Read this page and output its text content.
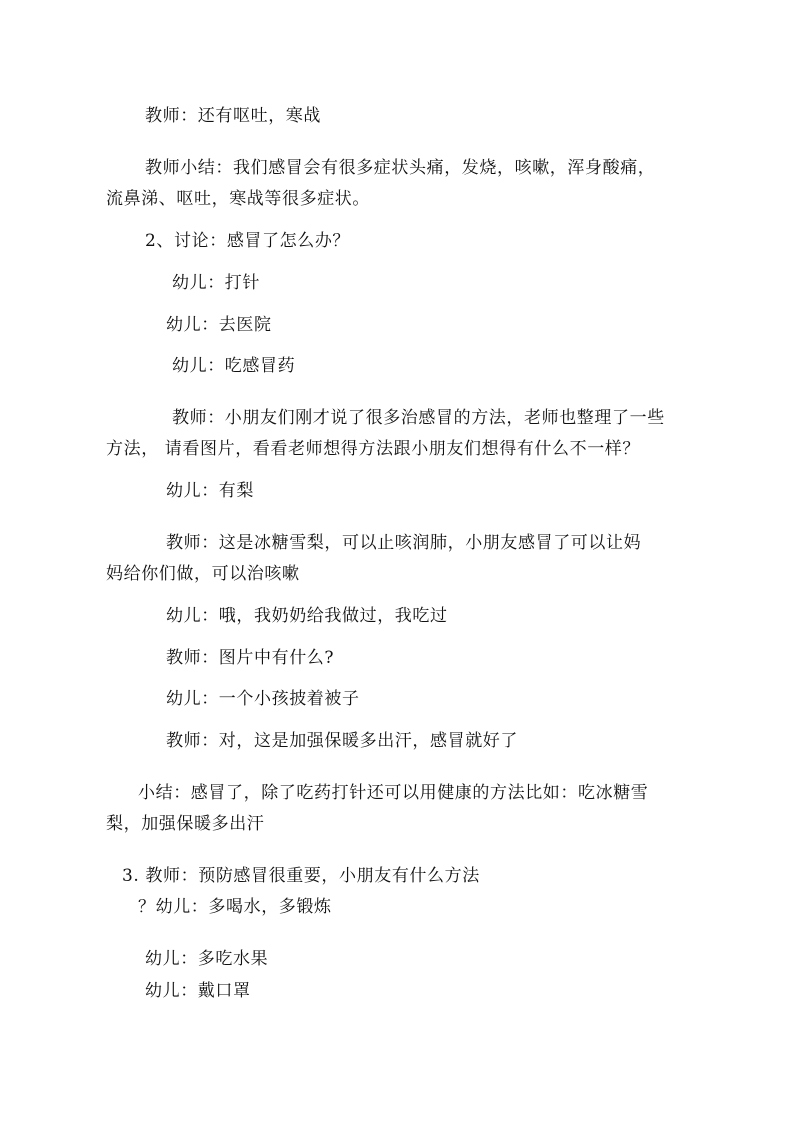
教师：还有呕吐，寒战
教师小结：我们感冒会有很多症状头痛，发烧，咳嗽，浑身酸痛，
流鼻涕、呕吐，寒战等很多症状。
2、讨论：感冒了怎么办？
幼儿：打针
幼儿：去医院
幼儿：吃感冒药
教师：小朋友们刚才说了很多治感冒的方法，老师也整理了一些
方法， 请看图片，看看老师想得方法跟小朋友们想得有什么不一样？
幼儿：有梨
教师：这是冰糖雪梨，可以止咳润肺，小朋友感冒了可以让妈
妈给你们做，可以治咳嗽
幼儿：哦，我奶奶给我做过，我吃过
教师：图片中有什么?
幼儿：一个小孩披着被子
教师：对，这是加强保暖多出汗，感冒就好了
小结：感冒了，除了吃药打针还可以用健康的方法比如：吃冰糖雪
梨，加强保暖多出汗
3. 教师：预防感冒很重要，小朋友有什么方法
？幼儿：多喝水，多锻炼
幼儿：多吃水果
幼儿：戴口罩
